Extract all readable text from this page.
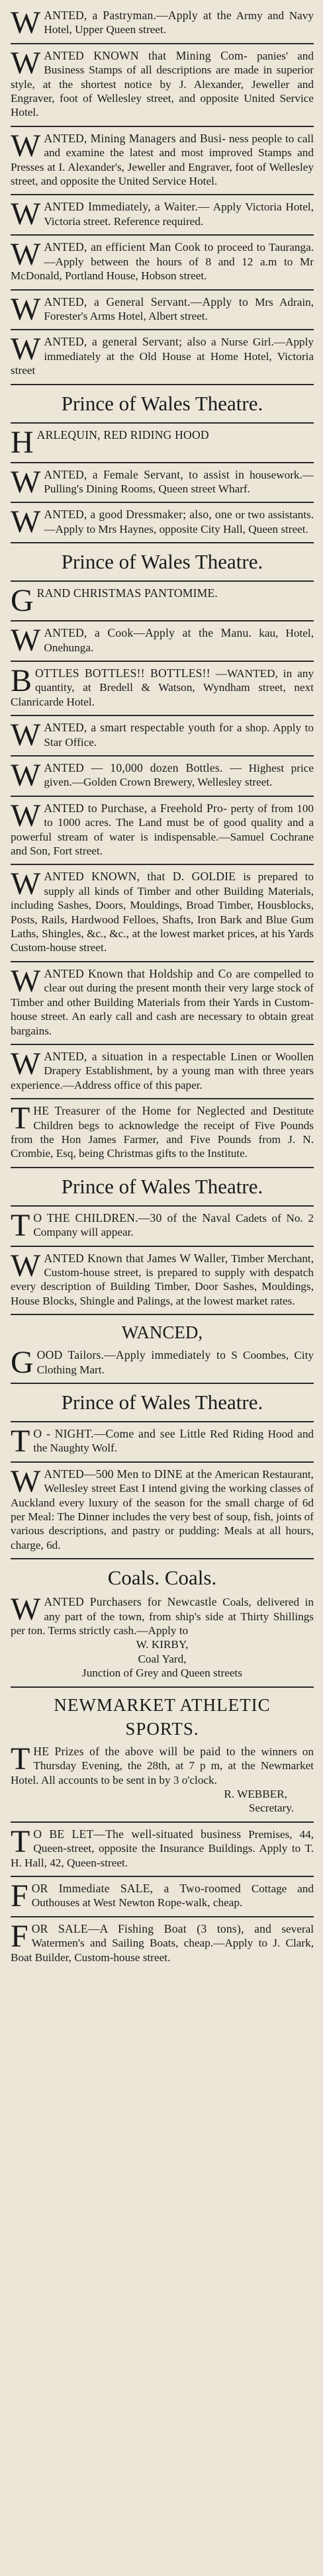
W ANTED, a Pastryman.—Apply at the Army and Navy Hotel, Upper Queen street.

W ANTED KNOWN that Mining Com- panies' and Business Stamps of all descriptions are made in superior style, at the shortest notice by J. Alexander, Jeweller and Engraver, foot of Wellesley street, and opposite United Service Hotel.

W ANTED, Mining Managers and Busi- ness people to call and examine the latest and most improved Stamps and Presses at I. Alexander's, Jeweller and Engraver, foot of Wellesley street, and opposite the United Service Hotel.

W ANTED Immediately, a Waiter.— Apply Victoria Hotel, Victoria street. Reference required.

W ANTED, an efficient Man Cook to proceed to Tauranga.—Apply between the hours of 8 and 12 a.m to Mr McDonald, Portland House, Hobson street.

W ANTED, a General Servant.—Apply to Mrs Adrain, Forester's Arms Hotel, Albert street.

W ANTED, a general Servant; also a Nurse Girl.—Apply immediately at the Old House at Home Hotel, Victoria street

Prince of Wales Theatre.
H ARLEQUIN, RED RIDING HOOD

W ANTED, a Female Servant, to assist in housework.—Pulling's Dining Rooms, Queen street Wharf.

W ANTED, a good Dressmaker; also, one or two assistants.—Apply to Mrs Haynes, opposite City Hall, Queen street.

Prince of Wales Theatre.
G RAND CHRISTMAS PANTOMIME.

W ANTED, a Cook—Apply at the Manu. kau, Hotel, Onehunga.

B OTTLES BOTTLES!! BOTTLES!! —WANTED, in any quantity, at Bredell & Watson, Wyndham street, next Clanricarde Hotel.

W ANTED, a smart respectable youth for a shop. Apply to Star Office.

W ANTED — 10,000 dozen Bottles. — Highest price given.—Golden Crown Brewery, Wellesley street.

W ANTED to Purchase, a Freehold Pro- perty of from 100 to 1000 acres. The Land must be of good quality and a powerful stream of water is indispensable.—Samuel Cochrane and Son, Fort street.

W ANTED KNOWN, that D. GOLDIE is prepared to supply all kinds of Timber and other Building Materials, including Sashes, Doors, Mouldings, Broad Timber, Housblocks, Posts, Rails, Hardwood Felloes, Shafts, Iron Bark and Blue Gum Laths, Shingles, &c., &c., at the lowest market prices, at his Yards Custom-house street.

W ANTED Known that Holdship and Co are compelled to clear out during the present month their very large stock of Timber and other Building Materials from their Yards in Custom-house street. An early call and cash are necessary to obtain great bargains.

W ANTED, a situation in a respectable Linen or Woollen Drapery Establishment, by a young man with three years experience.—Address office of this paper.

T HE Treasurer of the Home for Neglected and Destitute Children begs to acknowledge the receipt of Five Pounds from the Hon James Farmer, and Five Pounds from J. N. Crombie, Esq, being Christmas gifts to the Institute.

Prince of Wales Theatre.
T O THE CHILDREN.—30 of the Naval Cadets of No. 2 Company will appear.

W ANTED Known that James W Waller, Timber Merchant, Custom-house street, is prepared to supply with despatch every description of Building Timber, Door Sashes, Mouldings, House Blocks, Shingle and Palings, at the lowest market rates.

WANCED,
G OOD Tailors.—Apply immediately to S Coombes, City Clothing Mart.

Prince of Wales Theatre.
T O - NIGHT.—Come and see Little Red Riding Hood and the Naughty Wolf.

W ANTED—500 Men to DINE at the American Restaurant, Wellesley street East I intend giving the working classes of Auckland every luxury of the season for the small charge of 6d per Meal: The Dinner includes the very best of soup, fish, joints of various descriptions, and pastry or pudding: Meals at all hours, charge, 6d.

Coals. Coals.
W ANTED Purchasers for Newcastle Coals, delivered in any part of the town, from ship's side at Thirty Shillings per ton. Terms strictly cash.—Apply to

W. KIRBY,

Coal Yard,

Junction of Grey and Queen streets

NEWMARKET ATHLETIC
SPORTS.
T HE Prizes of the above will be paid to the winners on Thursday Evening, the 28th, at 7 p m, at the Newmarket Hotel. All accounts to be sent in by 3 o'clock.

R. WEBBER,

Secretary.

T O BE LET—The well-situated business Premises, 44, Queen-street, opposite the Insurance Buildings. Apply to T. H. Hall, 42, Queen-street.

F OR Immediate SALE, a Two-roomed Cottage and Outhouses at West Newton Rope-walk, cheap.

F OR SALE—A Fishing Boat (3 tons), and several Watermen's and Sailing Boats, cheap.—Apply to J. Clark, Boat Builder, Custom-house street.
